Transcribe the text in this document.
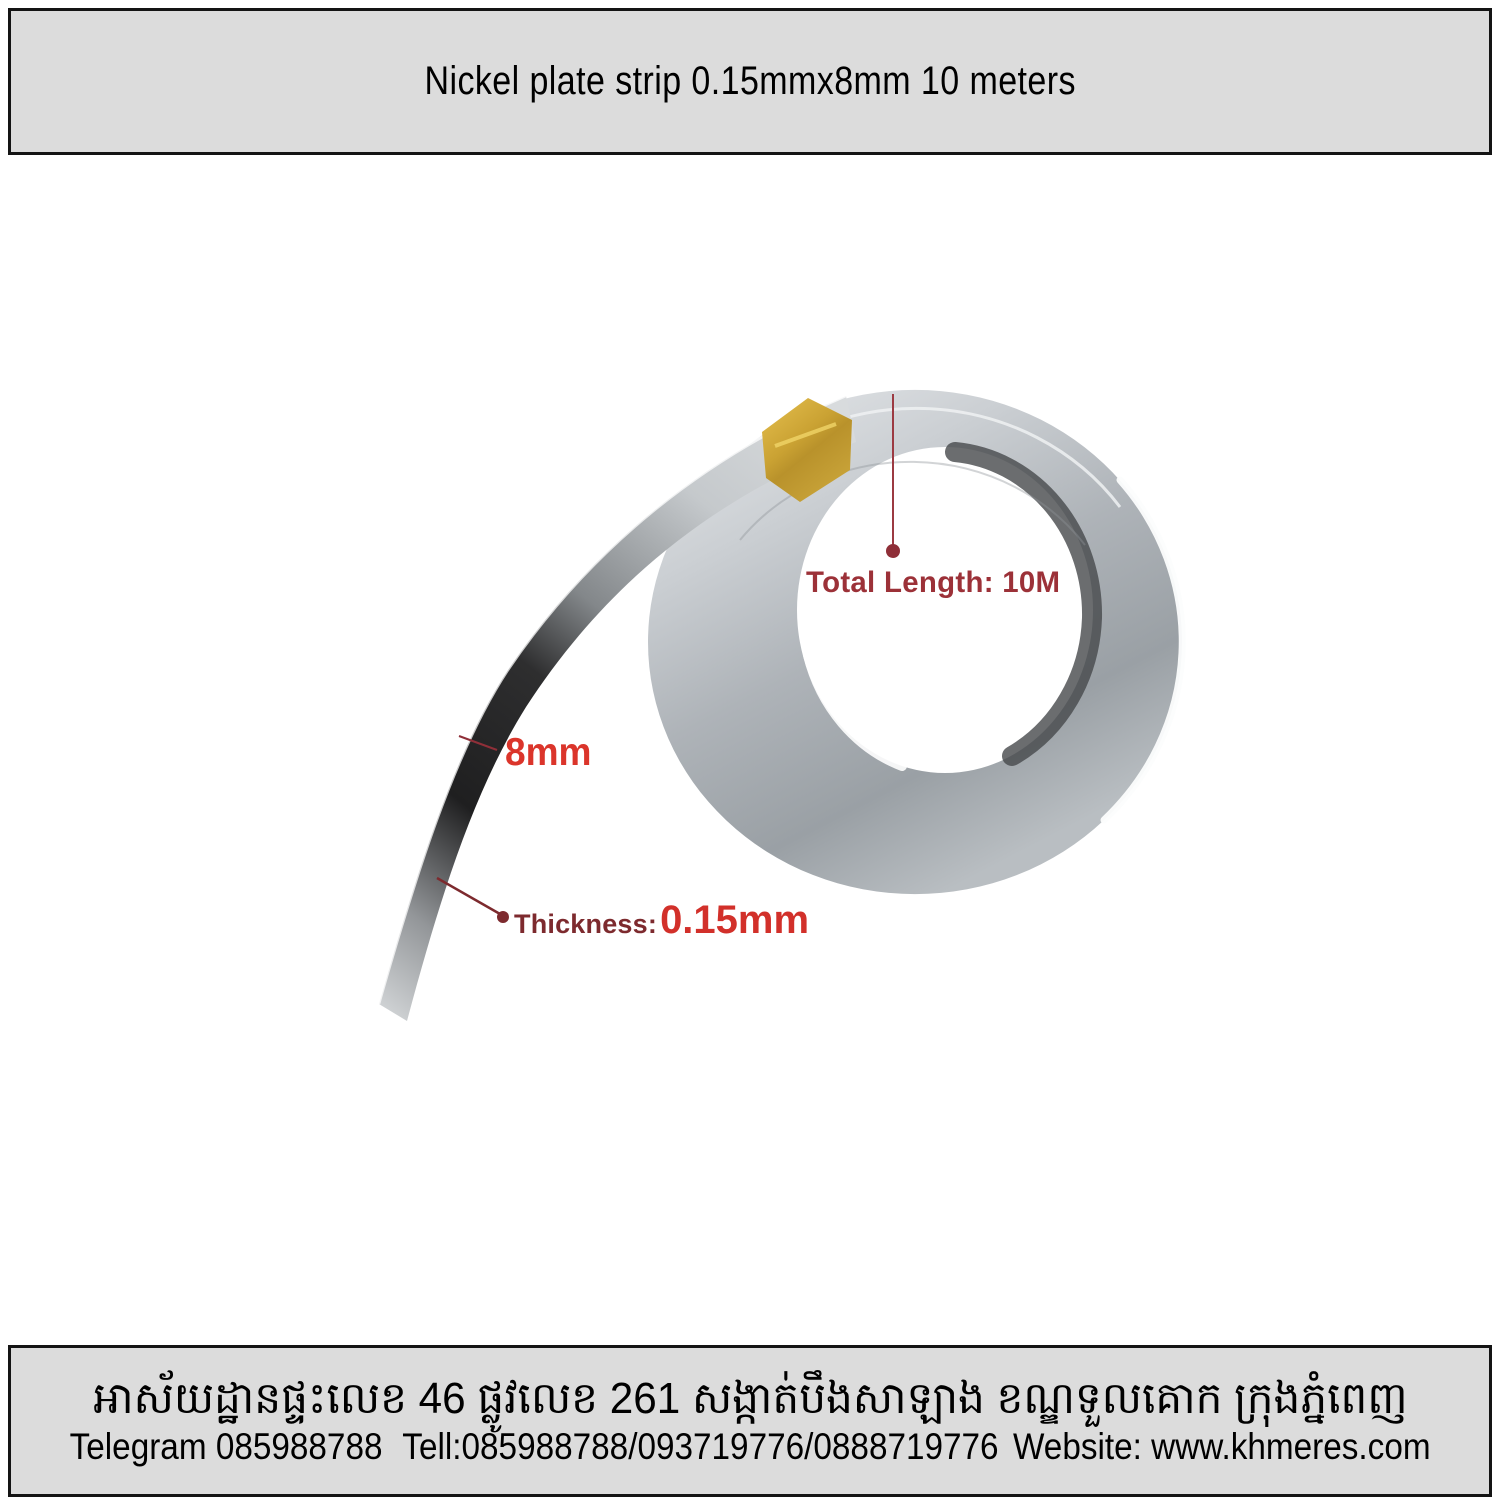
Nickel plate strip 0.15mmx8mm 10 meters
Total Length: 10M
8mm
Thickness: 0.15mm
អាស័យដ្ឋានផ្ទះលេខ 46 ផ្លូវលេខ 261 សង្កាត់បឹងសាឡាង ខណ្ឌទួលគោក ក្រុងភ្នំពេញ
Telegram 085988788 Tell:085988788/093719776/0888719776 Website: www.khmeres.com
